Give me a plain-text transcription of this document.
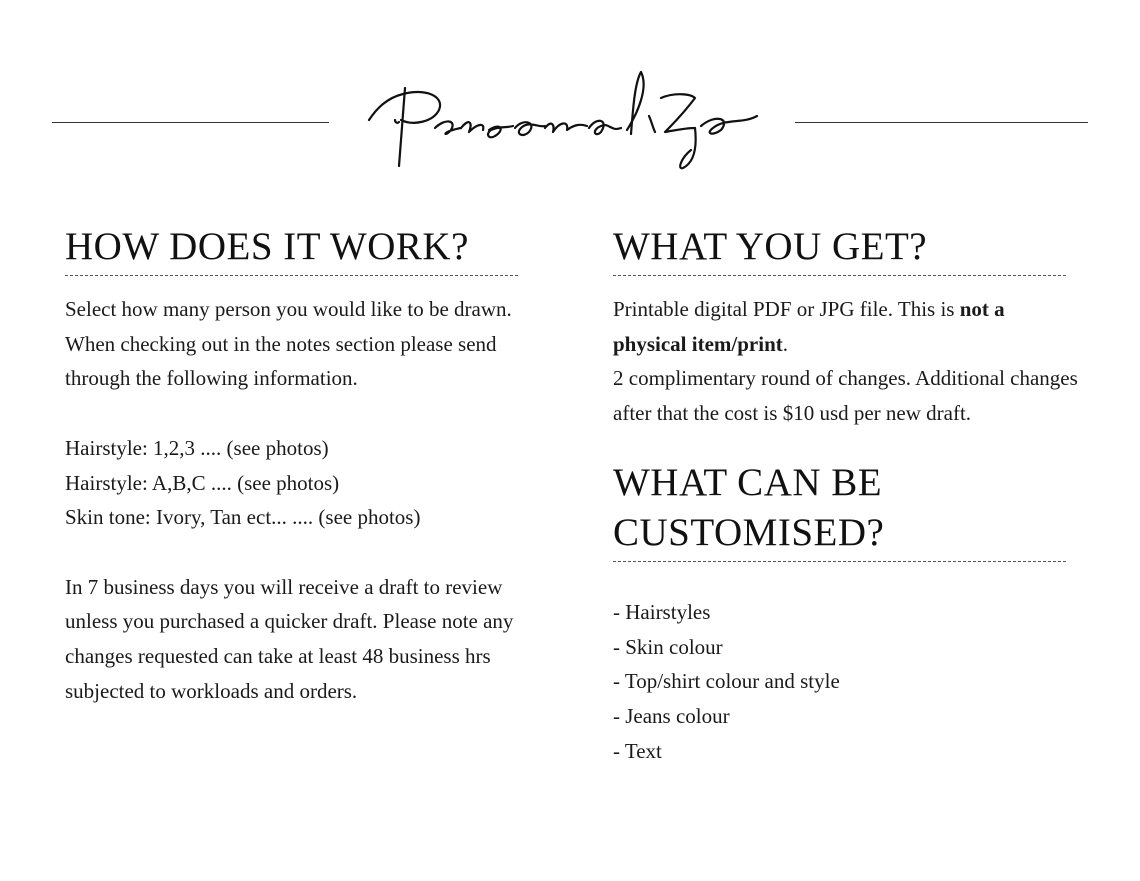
HOW DOES IT WORK?

Select how many person you would like to be drawn. When checking out in the notes section please send through the following information.

Hairstyle: 1,2,3 .... (see photos)

Hairstyle: A,B,C .... (see photos)

Skin tone: Ivory, Tan ect... .... (see photos)

In 7 business days you will receive a draft to review unless you purchased a quicker draft. Please note any changes requested can take at least 48 business hrs subjected to workloads and orders.

WHAT YOU GET?

Printable digital PDF or JPG file. This is not a physical item/print.

2 complimentary round of changes. Additional changes after that the cost is $10 usd per new draft.

WHAT CAN BE
CUSTOMISED?
- Hairstyles
- Skin colour
- Top/shirt colour and style
- Jeans colour
- Text
